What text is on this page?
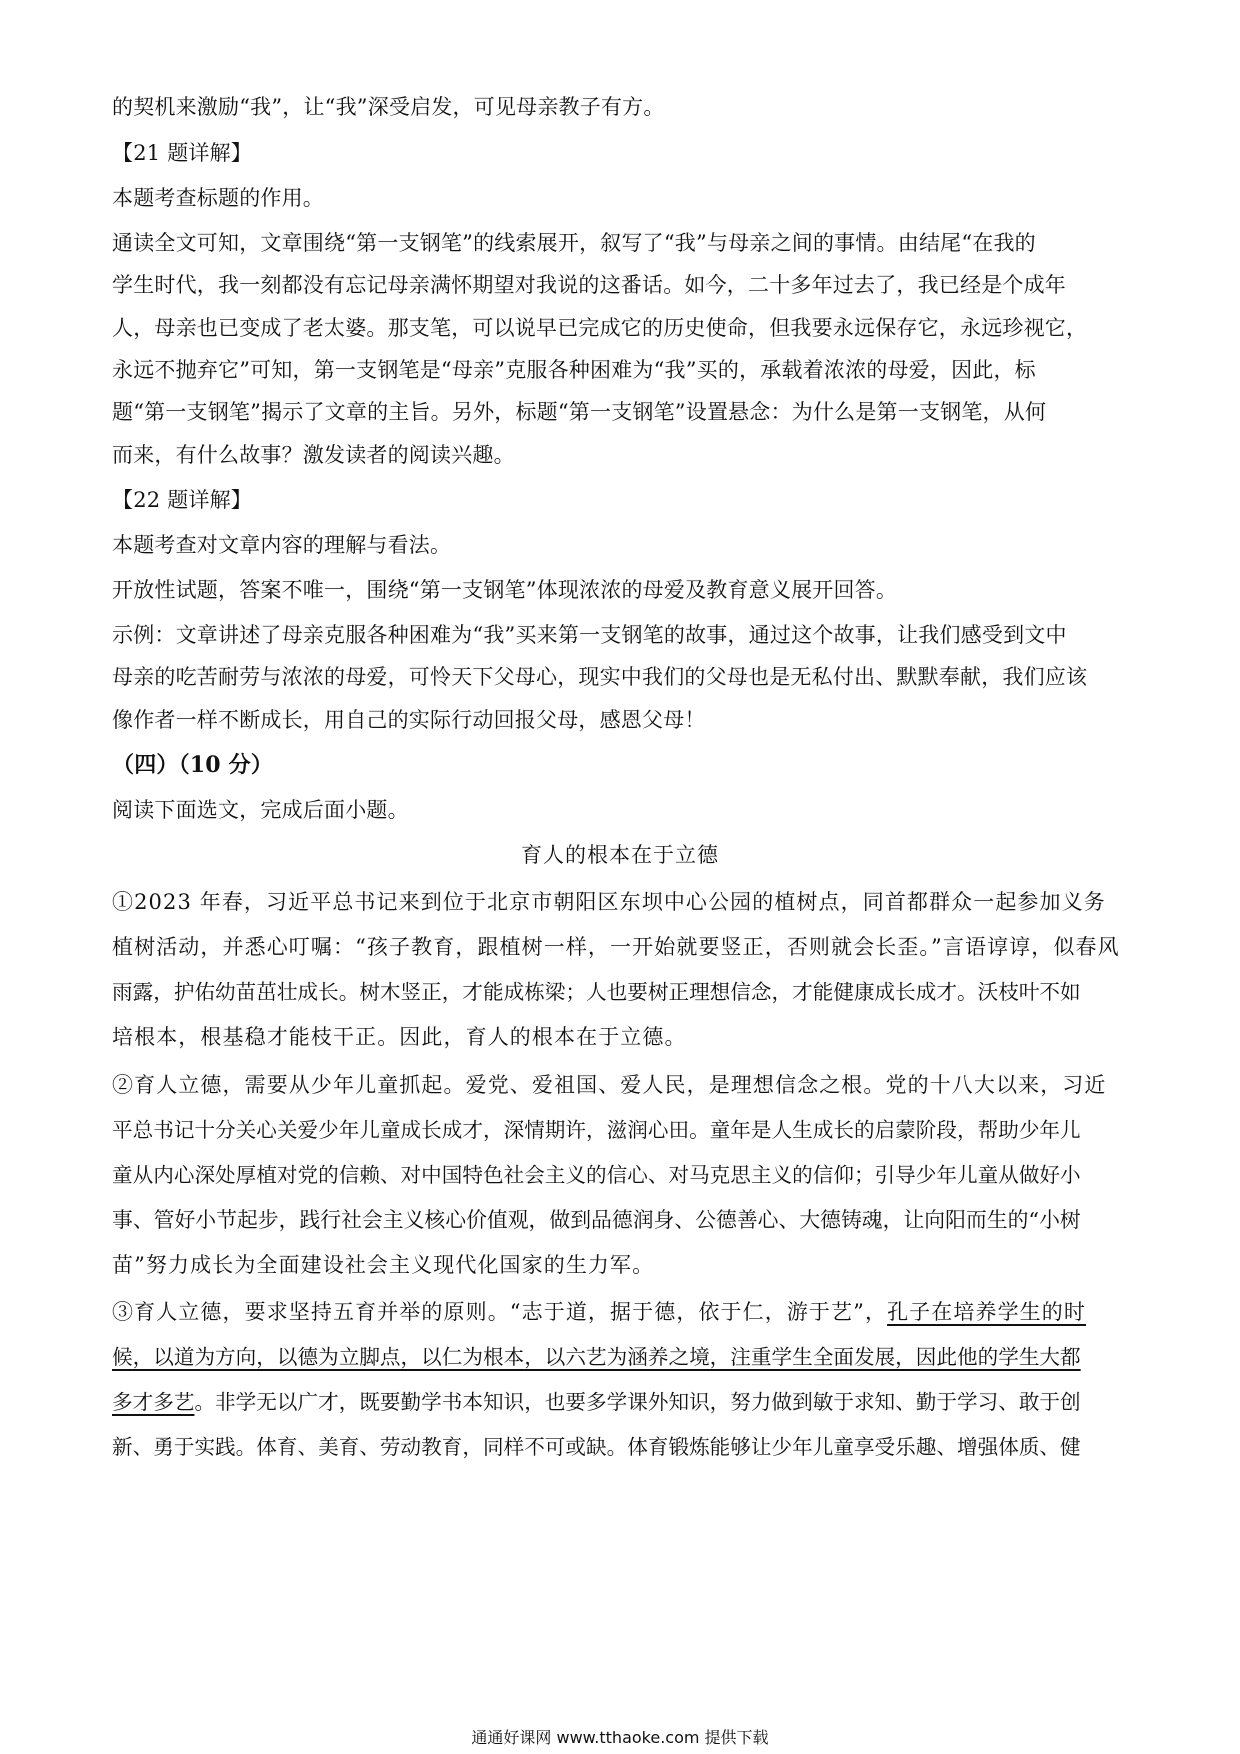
的契机来激励“我”，让“我”深受启发，可见母亲教子有方。
【21 题详解】
本题考查标题的作用。
通读全文可知，文章围绕“第一支钢笔”的线索展开，叙写了“我”与母亲之间的事情。由结尾“在我的
学生时代，我一刻都没有忘记母亲满怀期望对我说的这番话。如今，二十多年过去了，我已经是个成年
人，母亲也已变成了老太婆。那支笔，可以说早已完成它的历史使命，但我要永远保存它，永远珍视它，
永远不抛弃它”可知，第一支钢笔是“母亲”克服各种困难为“我”买的，承载着浓浓的母爱，因此，标
题“第一支钢笔”揭示了文章的主旨。另外，标题“第一支钢笔”设置悬念：为什么是第一支钢笔，从何
而来，有什么故事？激发读者的阅读兴趣。
【22 题详解】
本题考查对文章内容的理解与看法。
开放性试题，答案不唯一，围绕“第一支钢笔”体现浓浓的母爱及教育意义展开回答。
示例：文章讲述了母亲克服各种困难为“我”买来第一支钢笔的故事，通过这个故事，让我们感受到文中
母亲的吃苦耐劳与浓浓的母爱，可怜天下父母心，现实中我们的父母也是无私付出、默默奉献，我们应该
像作者一样不断成长，用自己的实际行动回报父母，感恩父母！
（四）（10 分）
阅读下面选文，完成后面小题。
育人的根本在于立德
①2023 年春，习近平总书记来到位于北京市朝阳区东坝中心公园的植树点，同首都群众一起参加义务
植树活动，并悉心叮嘱：“孩子教育，跟植树一样，一开始就要竖正，否则就会长歪。”言语谆谆，似春风
雨露，护佑幼苗茁壮成长。树木竖正，才能成栋梁；人也要树正理想信念，才能健康成长成才。沃枝叶不如
培根本，根基稳才能枝干正。因此，育人的根本在于立德。
②育人立德，需要从少年儿童抓起。爱党、爱祖国、爱人民，是理想信念之根。党的十八大以来，习近
平总书记十分关心关爱少年儿童成长成才，深情期许，滋润心田。童年是人生成长的启蒙阶段，帮助少年儿
童从内心深处厚植对党的信赖、对中国特色社会主义的信心、对马克思主义的信仰；引导少年儿童从做好小
事、管好小节起步，践行社会主义核心价值观，做到品德润身、公德善心、大德铸魂，让向阳而生的“小树
苗”努力成长为全面建设社会主义现代化国家的生力军。
③育人立德，要求坚持五育并举的原则。“志于道，据于德，依于仁，游于艺”，孔子在培养学生的时
候，以道为方向，以德为立脚点，以仁为根本，以六艺为涵养之境，注重学生全面发展，因此他的学生大都
多才多艺。非学无以广才，既要勤学书本知识，也要多学课外知识，努力做到敏于求知、勤于学习、敢于创
新、勇于实践。体育、美育、劳动教育，同样不可或缺。体育锻炼能够让少年儿童享受乐趣、增强体质、健
通通好课网 www.tthaoke.com 提供下载
